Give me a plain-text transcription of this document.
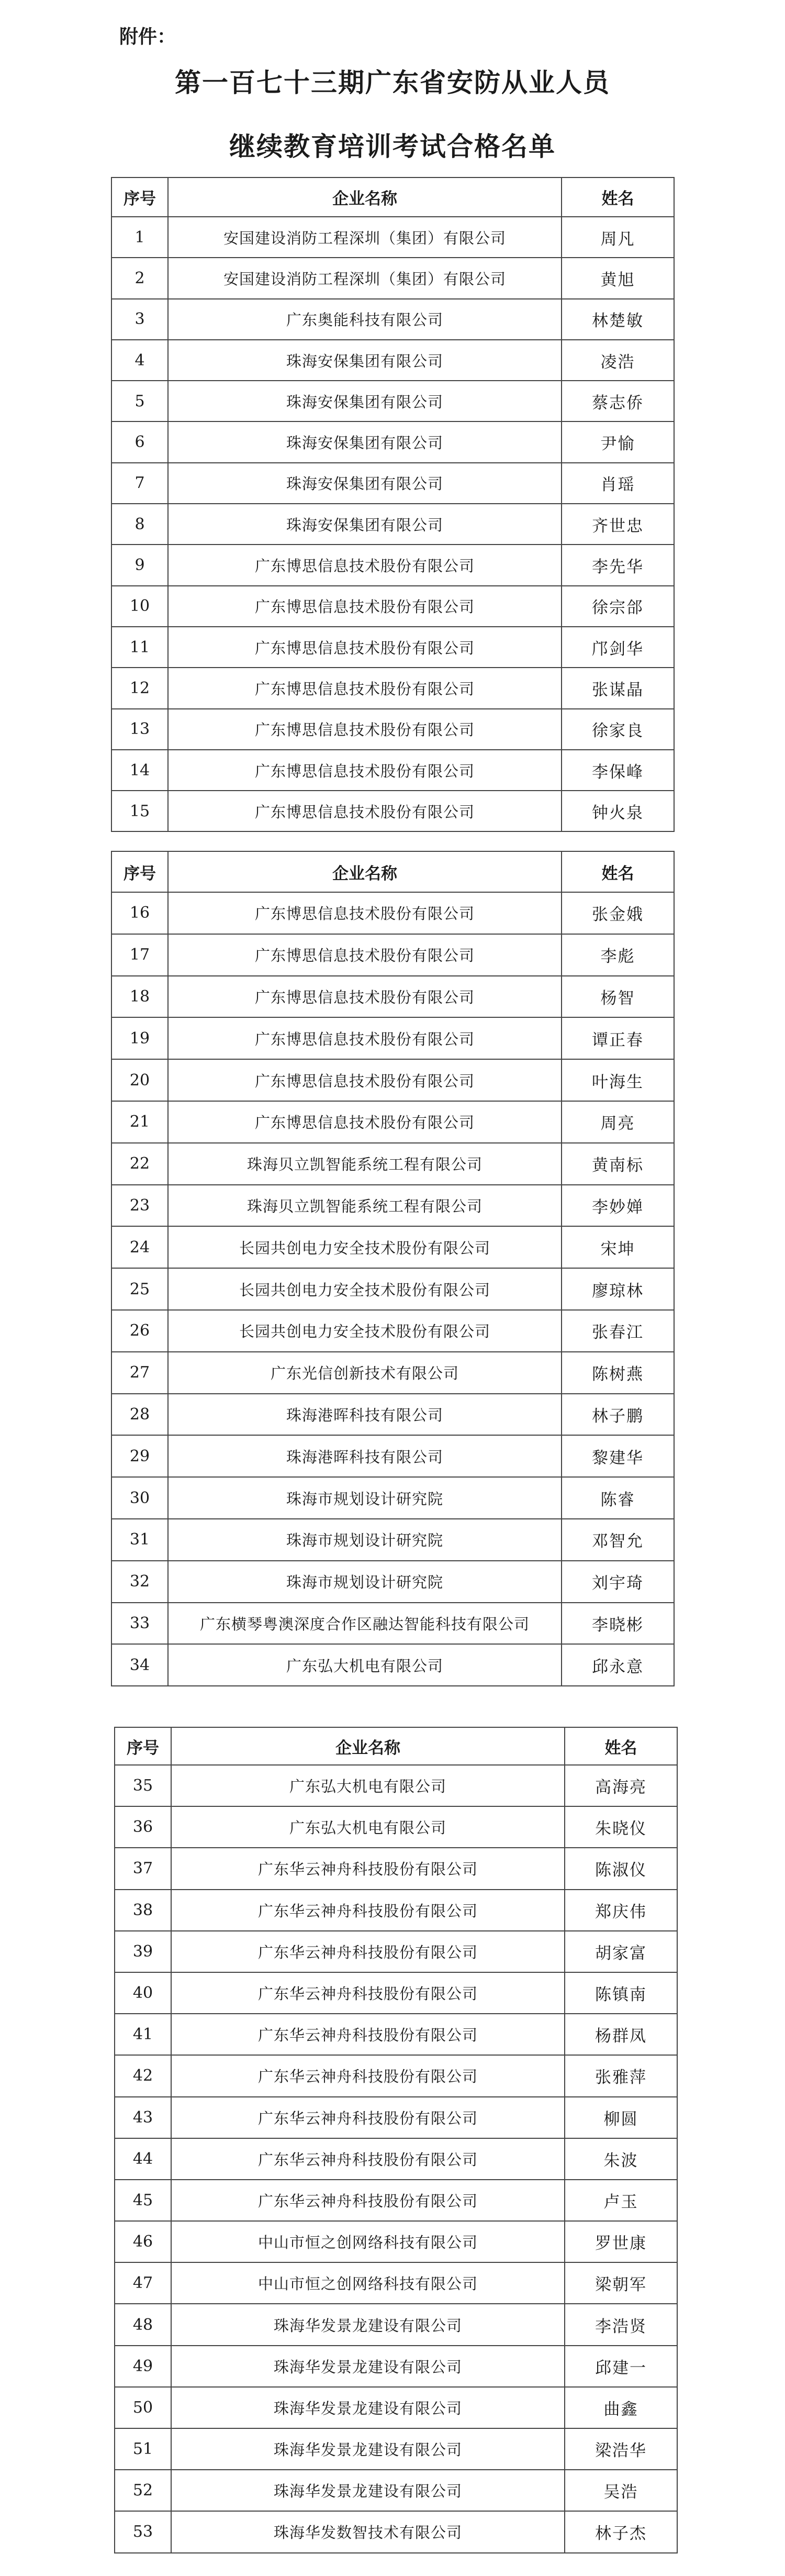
附件：
第一百七十三期广东省安防从业人员
继续教育培训考试合格名单
序号	企业名称	姓名
1	安国建设消防工程深圳（集团）有限公司	周凡
2	安国建设消防工程深圳（集团）有限公司	黄旭
3	广东奥能科技有限公司	林楚敏
4	珠海安保集团有限公司	凌浩
5	珠海安保集团有限公司	蔡志侨
6	珠海安保集团有限公司	尹愉
7	珠海安保集团有限公司	肖瑶
8	珠海安保集团有限公司	齐世忠
9	广东博思信息技术股份有限公司	李先华
10	广东博思信息技术股份有限公司	徐宗郃
11	广东博思信息技术股份有限公司	邝剑华
12	广东博思信息技术股份有限公司	张谋晶
13	广东博思信息技术股份有限公司	徐家良
14	广东博思信息技术股份有限公司	李保峰
15	广东博思信息技术股份有限公司	钟火泉
序号	企业名称	姓名
16	广东博思信息技术股份有限公司	张金娥
17	广东博思信息技术股份有限公司	李彪
18	广东博思信息技术股份有限公司	杨智
19	广东博思信息技术股份有限公司	谭正春
20	广东博思信息技术股份有限公司	叶海生
21	广东博思信息技术股份有限公司	周亮
22	珠海贝立凯智能系统工程有限公司	黄南标
23	珠海贝立凯智能系统工程有限公司	李妙婵
24	长园共创电力安全技术股份有限公司	宋坤
25	长园共创电力安全技术股份有限公司	廖琼林
26	长园共创电力安全技术股份有限公司	张春江
27	广东光信创新技术有限公司	陈树燕
28	珠海港晖科技有限公司	林子鹏
29	珠海港晖科技有限公司	黎建华
30	珠海市规划设计研究院	陈睿
31	珠海市规划设计研究院	邓智允
32	珠海市规划设计研究院	刘宇琦
33	广东横琴粤澳深度合作区融达智能科技有限公司	李晓彬
34	广东弘大机电有限公司	邱永意
序号	企业名称	姓名
35	广东弘大机电有限公司	高海亮
36	广东弘大机电有限公司	朱晓仪
37	广东华云神舟科技股份有限公司	陈淑仪
38	广东华云神舟科技股份有限公司	郑庆伟
39	广东华云神舟科技股份有限公司	胡家富
40	广东华云神舟科技股份有限公司	陈镇南
41	广东华云神舟科技股份有限公司	杨群凤
42	广东华云神舟科技股份有限公司	张雅萍
43	广东华云神舟科技股份有限公司	柳圆
44	广东华云神舟科技股份有限公司	朱波
45	广东华云神舟科技股份有限公司	卢玉
46	中山市恒之创网络科技有限公司	罗世康
47	中山市恒之创网络科技有限公司	梁朝军
48	珠海华发景龙建设有限公司	李浩贤
49	珠海华发景龙建设有限公司	邱建一
50	珠海华发景龙建设有限公司	曲鑫
51	珠海华发景龙建设有限公司	梁浩华
52	珠海华发景龙建设有限公司	吴浩
53	珠海华发数智技术有限公司	林子杰
